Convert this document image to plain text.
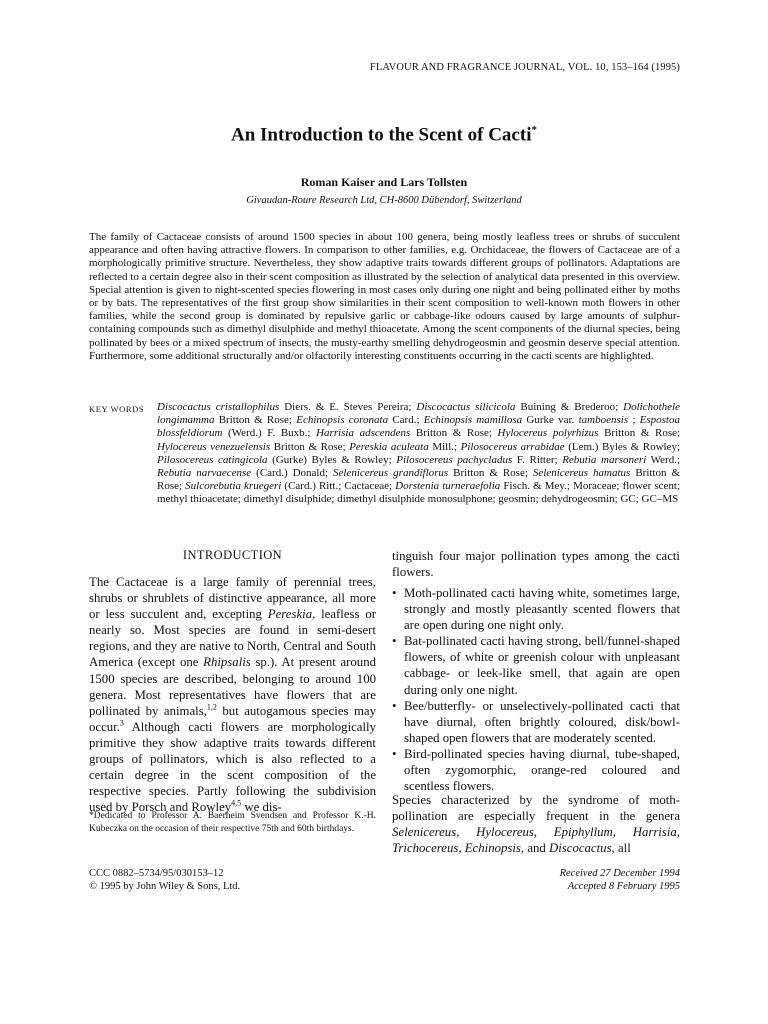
FLAVOUR AND FRAGRANCE JOURNAL, VOL. 10, 153–164 (1995)
An Introduction to the Scent of Cacti*
Roman Kaiser and Lars Tollsten
Givaudan-Roure Research Ltd, CH-8600 Dübendorf, Switzerland

The family of Cactaceae consists of around 1500 species in about 100 genera, being mostly leafless trees or shrubs of succulent appearance and often having attractive flowers. In comparison to other families, e.g. Orchidaceae, the flowers of Cactaceae are of a morphologically primitive structure. Nevertheless, they show adaptive traits towards different groups of pollinators. Adaptations are reflected to a certain degree also in their scent composition as illustrated by the selection of analytical data presented in this overview. Special attention is given to night-scented species flowering in most cases only during one night and being pollinated either by moths or by bats. The representatives of the first group show similarities in their scent composition to well-known moth flowers in other families, while the second group is dominated by repulsive garlic or cabbage-like odours caused by large amounts of sulphur-containing compounds such as dimethyl disulphide and methyl thioacetate. Among the scent components of the diurnal species, being pollinated by bees or a mixed spectrum of insects, the musty-earthy smelling dehydrogeosmin and geosmin deserve special attention. Furthermore, some additional structurally and/or olfactorily interesting constituents occurring in the cacti scents are highlighted.

KEY WORDS	Discocactus cristallophilus Diers. & E. Steves Pereira; Discocactus silicicola Buining & Brederoo; Dolichothele longimamma Britton & Rose; Echinopsis coronata Card.; Echinopsis mamillosa Gurke var. tamboensis ; Espostoa blossfeldiorum (Werd.) F. Buxb.; Harrisia adscendens Britton & Rose; Hylocereus polyrhizus Britton & Rose; Hylocereus venezuelensis Britton & Rose; Pereskia aculeata Mill.; Pilosocereus arrabidae (Lem.) Byles & Rowley; Pilosocereus catingicola (Gurke) Byles & Rowley; Pilosocereus pachycladus F. Ritter; Rebutia marsoneri Werd.; Rebutia narvaecense (Card.) Donald; Selenicereus grandiflorus Britton & Rose; Selenicereus hamatus Britton & Rose; Sulcorebutia kruegeri (Card.) Ritt.; Cactaceae; Dorstenia turneraefolia Fisch. & Mey.; Moraceae; flower scent; methyl thioacetate; dimethyl disulphide; dimethyl disulphide monosulphone; geosmin; dehydrogeosmin; GC; GC–MS

INTRODUCTION

The Cactaceae is a large family of perennial trees, shrubs or shrublets of distinctive appearance, all more or less succulent and, excepting Pereskia, leafless or nearly so. Most species are found in semi-desert regions, and they are native to North, Central and South America (except one Rhipsalis sp.). At present around 1500 species are described, belonging to around 100 genera. Most representatives have flowers that are pollinated by animals,$^{1,2}$ but autogamous species may occur.$^3$ Although cacti flowers are morphologically primitive they show adaptive traits towards different groups of pollinators, which is also reflected to a certain degree in the scent composition of the respective species. Partly following the subdivision used by Porsch and Rowley$^{4,5}$ we dis-

*Dedicated to Professor A. Baerheim Svendsen and Professor K.-H. Kubeczka on the occasion of their respective 75th and 60th birthdays.

tinguish four major pollination types among the cacti flowers.

• Moth-pollinated cacti having white, sometimes large, strongly and mostly pleasantly scented flowers that are open during one night only.
• Bat-pollinated cacti having strong, bell/funnel-shaped flowers, of white or greenish colour with unpleasant cabbage- or leek-like smell, that again are open during only one night.
• Bee/butterfly- or unselectively-pollinated cacti that have diurnal, often brightly coloured, disk/bowl-shaped open flowers that are moderately scented.
• Bird-pollinated species having diurnal, tube-shaped, often zygomorphic, orange-red coloured and scentless flowers.

Species characterized by the syndrome of moth-pollination are especially frequent in the genera Selenicereus, Hylocereus, Epiphyllum, Harrisia, Trichocereus, Echinopsis, and Discocactus, all

CCC 0882–5734/95/030153–12
© 1995 by John Wiley & Sons, Ltd.
Received 27 December 1994
Accepted 8 February 1995
